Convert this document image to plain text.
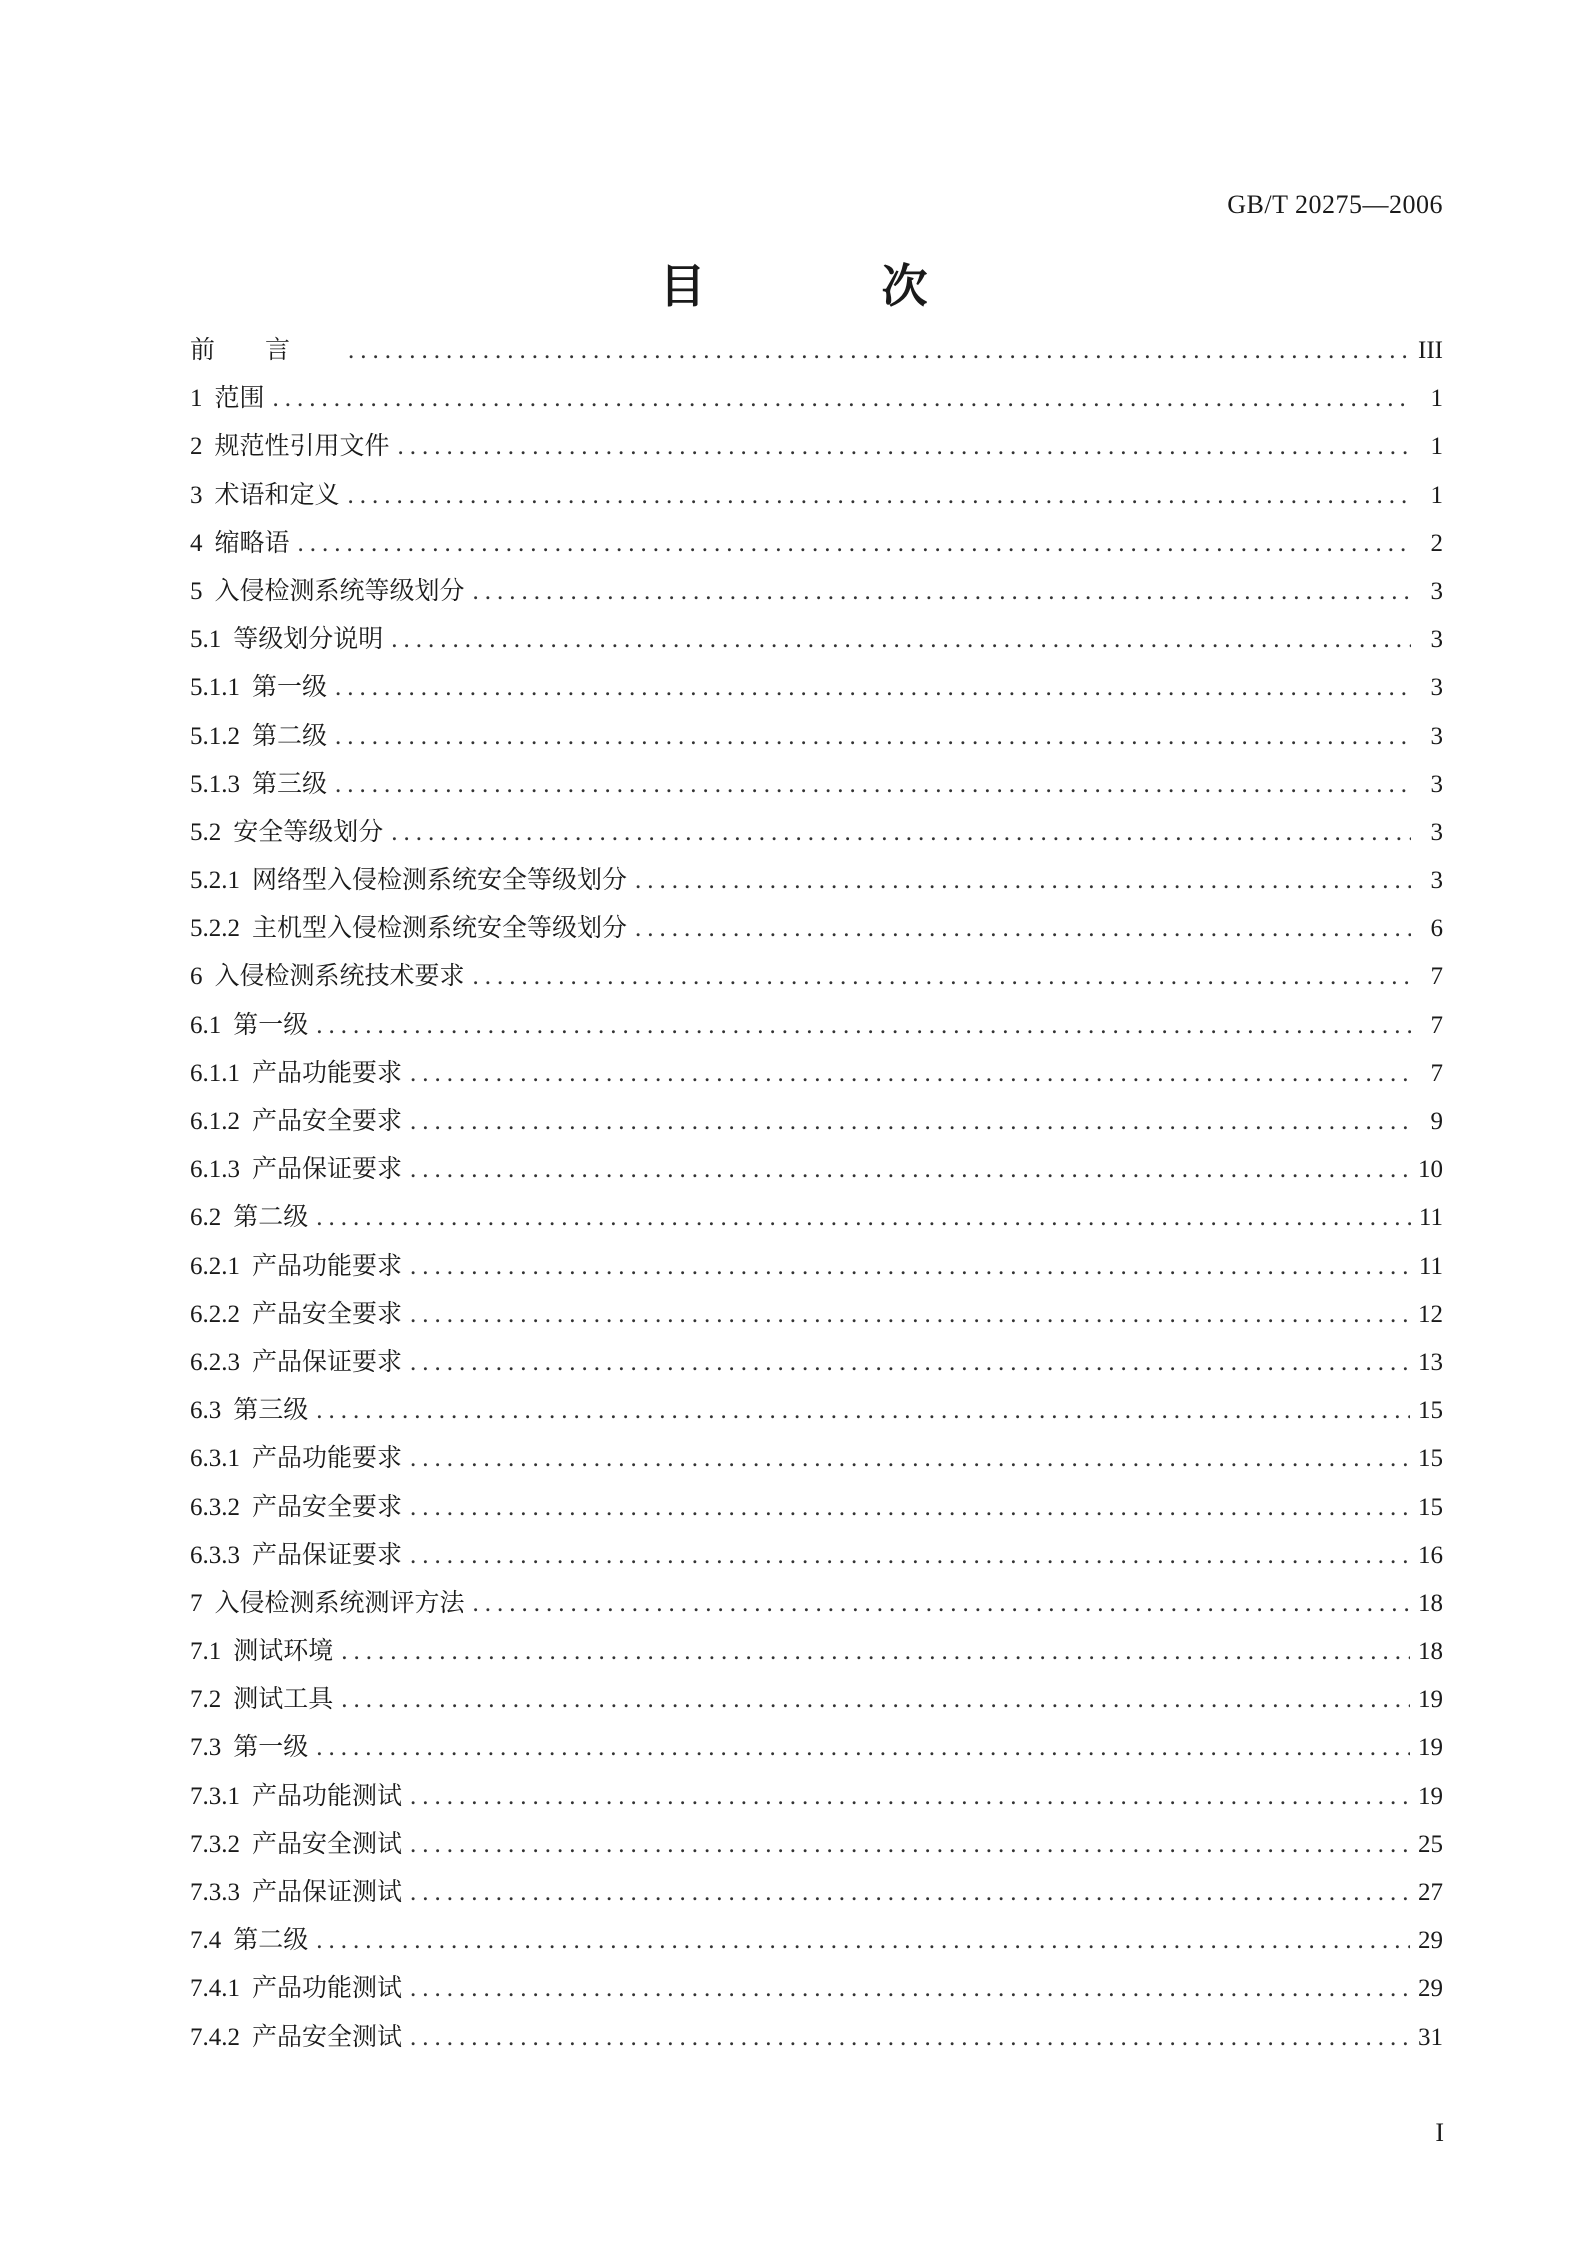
GB/T 20275—2006
目 次
前言 .....	III
1 范围 .....	1
2 规范性引用文件 .....	1
3 术语和定义 .....	1
4 缩略语 .....	2
5 入侵检测系统等级划分 .....	3
5.1 等级划分说明 .....	3
5.1.1 第一级 .....	3
5.1.2 第二级 .....	3
5.1.3 第三级 .....	3
5.2 安全等级划分 .....	3
5.2.1 网络型入侵检测系统安全等级划分 .....	3
5.2.2 主机型入侵检测系统安全等级划分 .....	6
6 入侵检测系统技术要求 .....	7
6.1 第一级 .....	7
6.1.1 产品功能要求 .....	7
6.1.2 产品安全要求 .....	9
6.1.3 产品保证要求 .....	10
6.2 第二级 .....	11
6.2.1 产品功能要求 .....	11
6.2.2 产品安全要求 .....	12
6.2.3 产品保证要求 .....	13
6.3 第三级 .....	15
6.3.1 产品功能要求 .....	15
6.3.2 产品安全要求 .....	15
6.3.3 产品保证要求 .....	16
7 入侵检测系统测评方法 .....	18
7.1 测试环境 .....	18
7.2 测试工具 .....	19
7.3 第一级 .....	19
7.3.1 产品功能测试 .....	19
7.3.2 产品安全测试 .....	25
7.3.3 产品保证测试 .....	27
7.4 第二级 .....	29
7.4.1 产品功能测试 .....	29
7.4.2 产品安全测试 .....	31
I
